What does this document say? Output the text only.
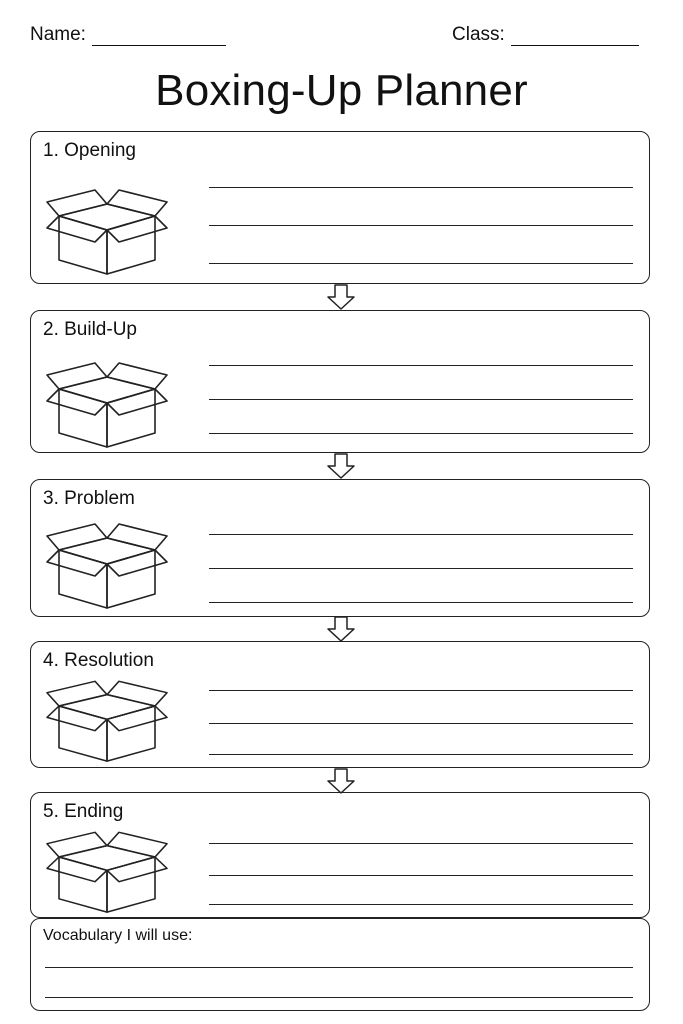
Name:	Class:
Boxing-Up Planner
1. Opening
2. Build-Up
3. Problem
4. Resolution
5. Ending
Vocabulary I will use:
